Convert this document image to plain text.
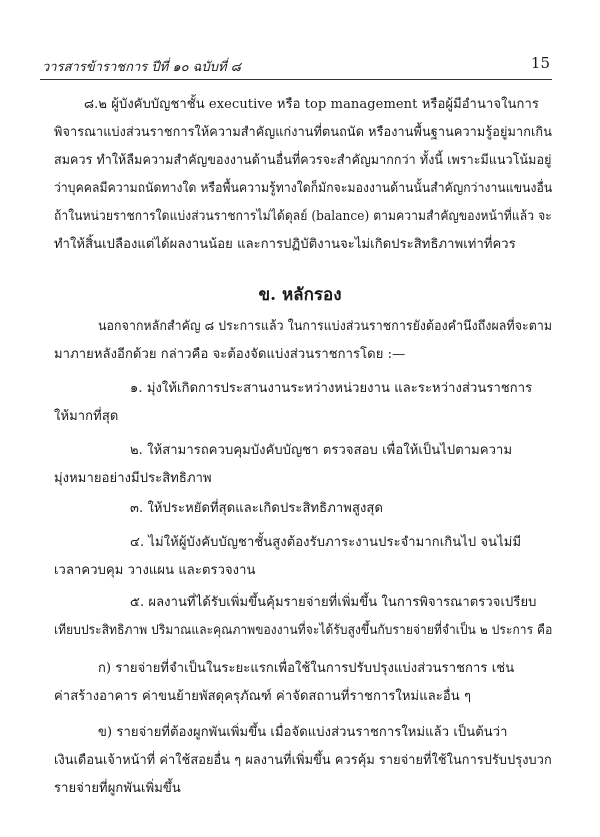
วารสารข้าราชการ ปีที่ ๑๐ ฉบับที่ ๘	15
๘.๒ ผู้บังคับบัญชาชั้น executive หรือ top management หรือผู้มีอำนาจในการ
พิจารณาแบ่งส่วนราชการให้ความสำคัญแก่งานที่ตนถนัด หรืองานพื้นฐานความรู้อยู่มากเกิน
สมควร ทำให้ลืมความสำคัญของงานด้านอื่นที่ควรจะสำคัญมากกว่า ทั้งนี้ เพราะมีแนวโน้มอยู่
ว่าบุคคลมีความถนัดทางใด หรือพื้นความรู้ทางใดก็มักจะมองงานด้านนั้นสำคัญกว่างานแขนงอื่น
ถ้าในหน่วยราชการใดแบ่งส่วนราชการไม่ได้ดุลย์ (balance) ตามความสำคัญของหน้าที่แล้ว จะ
ทำให้สิ้นเปลืองแต่ได้ผลงานน้อย และการปฏิบัติงานจะไม่เกิดประสิทธิภาพเท่าที่ควร
ข. หลักรอง
นอกจากหลักสำคัญ ๘ ประการแล้ว ในการแบ่งส่วนราชการยังต้องคำนึงถึงผลที่จะตาม
มาภายหลังอีกด้วย กล่าวคือ จะต้องจัดแบ่งส่วนราชการโดย :—
๑. มุ่งให้เกิดการประสานงานระหว่างหน่วยงาน และระหว่างส่วนราชการ
ให้มากที่สุด
๒. ให้สามารถควบคุมบังคับบัญชา ตรวจสอบ เพื่อให้เป็นไปตามความ
มุ่งหมายอย่างมีประสิทธิภาพ
๓. ให้ประหยัดที่สุดและเกิดประสิทธิภาพสูงสุด
๔. ไม่ให้ผู้บังคับบัญชาชั้นสูงต้องรับภาระงานประจำมากเกินไป จนไม่มี
เวลาควบคุม วางแผน และตรวจงาน
๕. ผลงานที่ได้รับเพิ่มขึ้นคุ้มรายจ่ายที่เพิ่มขึ้น ในการพิจารณาตรวจเปรียบ
เทียบประสิทธิภาพ ปริมาณและคุณภาพของงานที่จะได้รับสูงขึ้นกับรายจ่ายที่จำเป็น ๒ ประการ คือ
ก) รายจ่ายที่จำเป็นในระยะแรกเพื่อใช้ในการปรับปรุงแบ่งส่วนราชการ เช่น
ค่าสร้างอาคาร ค่าขนย้ายพัสดุครุภัณฑ์ ค่าจัดสถานที่ราชการใหม่และอื่น ๆ
ข) รายจ่ายที่ต้องผูกพันเพิ่มขึ้น เมื่อจัดแบ่งส่วนราชการใหม่แล้ว เป็นต้นว่า
เงินเดือนเจ้าหน้าที่ ค่าใช้สอยอื่น ๆ ผลงานที่เพิ่มขึ้น ควรคุ้ม รายจ่ายที่ใช้ในการปรับปรุงบวก
รายจ่ายที่ผูกพันเพิ่มขึ้น
